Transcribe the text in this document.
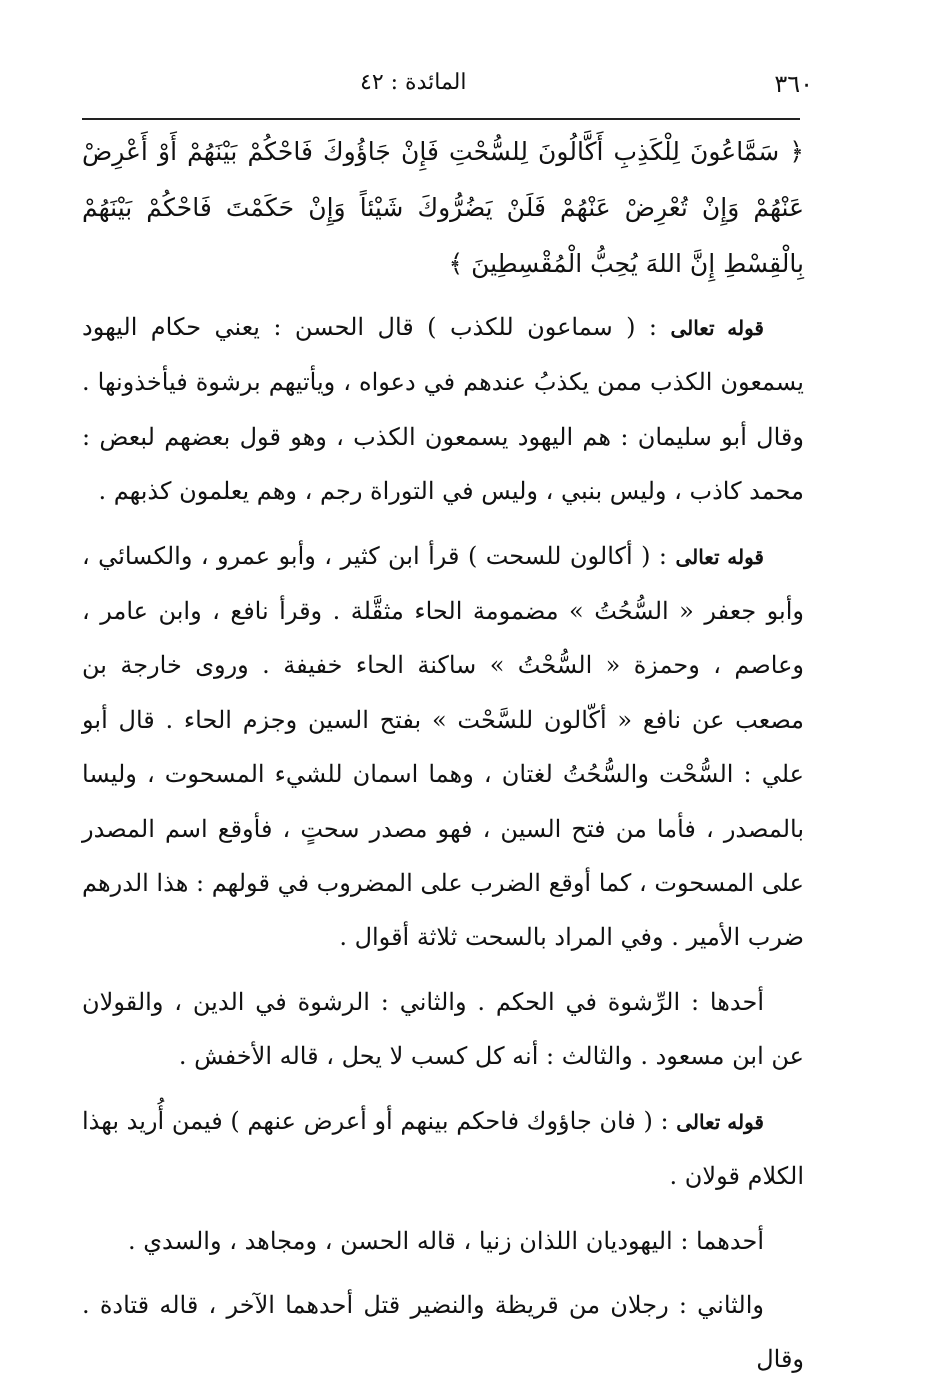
٣٦٠
المائدة : ٤٢

﴿ سَمَّاعُونَ لِلْكَذِبِ أَكَّالُونَ لِلسُّحْتِ فَإِنْ جَاؤُوكَ فَاحْكُمْ بَيْنَهُمْ أَوْ أَعْرِضْ عَنْهُمْ وَإِنْ تُعْرِضْ عَنْهُمْ فَلَنْ يَضُرُّوكَ شَيْئاً وَإِنْ حَكَمْتَ فَاحْكُمْ بَيْنَهُمْ بِالْقِسْطِ إِنَّ اللهَ يُحِبُّ الْمُقْسِطِينَ ﴾

قوله تعالى : ( سماعون للكذب ) قال الحسن : يعني حكام اليهود يسمعون الكذب ممن يكذبُ عندهم في دعواه ، ويأتيهم برشوة فيأخذونها . وقال أبو سليمان : هم اليهود يسمعون الكذب ، وهو قول بعضهم لبعض : محمد كاذب ، وليس بنبي ، وليس في التوراة رجم ، وهم يعلمون كذبهم .

قوله تعالى : ( أكالون للسحت ) قرأ ابن كثير ، وأبو عمرو ، والكسائي ، وأبو جعفر « السُّحُتُ » مضمومة الحاء مثقَّلة . وقرأ نافع ، وابن عامر ، وعاصم ، وحمزة « السُّحْتُ » ساكنة الحاء خفيفة . وروى خارجة بن مصعب عن نافع « أكّالون للسَّحْت » بفتح السين وجزم الحاء . قال أبو علي : السُّحْت والسُّحُتُ لغتان ، وهما اسمان للشيء المسحوت ، وليسا بالمصدر ، فأما من فتح السين ، فهو مصدر سحتٍ ، فأوقع اسم المصدر على المسحوت ، كما أوقع الضرب على المضروب في قولهم : هذا الدرهم ضرب الأمير . وفي المراد بالسحت ثلاثة أقوال .

أحدها : الرِّشوة في الحكم . والثاني : الرشوة في الدين ، والقولان عن ابن مسعود . والثالث : أنه كل كسب لا يحل ، قاله الأخفش .

قوله تعالى : ( فان جاؤوك فاحكم بينهم أو أعرض عنهم ) فيمن أُريد بهذا الكلام قولان .

أحدهما : اليهوديان اللذان زنيا ، قاله الحسن ، ومجاهد ، والسدي .

والثاني : رجلان من قريظة والنضير قتل أحدهما الآخر ، قاله قتادة . وقال
